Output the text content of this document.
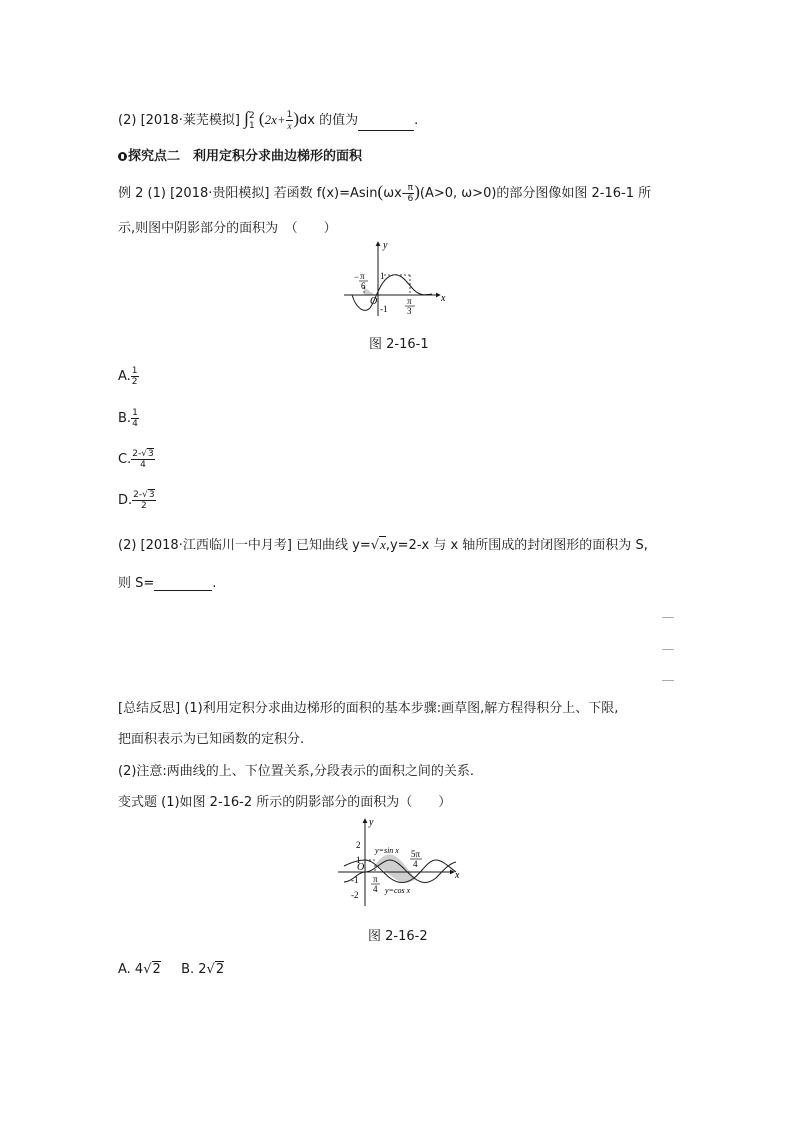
(2) [2018·莱芜模拟] ∫ 2
1 $(2x+ \frac{1}{x} )dx$ 的值为	.
探究点二　利用定积分求曲边梯形的面积
例 2 (1) [2018·贵阳模拟] 若函数 $f(x)=Asin(\omega x- \frac{\pi}{6} )(A>0$, ω>0)的部分图像如图 2-16-1 所
示,则图中阴影部分的面积为　（　　）
y
x
O
1
-1
− π
6
π
3
图 2-16-1
A. $\frac{1}{2}$
B. $\frac{1}{4}$
C. $\frac{2-√3}{4}$
D. $\frac{2-√3}{2}$
(2) [2018·江西临川一中月考] 已知曲线 y=√x,y=2-x 与 x 轴所围成的封闭图形的面积为 S,
则 S=	.
[总结反思] (1)利用定积分求曲边梯形的面积的基本步骤:画草图,解方程得积分上、下限,
把面积表示为已知函数的定积分.
(2)注意:两曲线的上、下位置关系,分段表示的面积之间的关系.
变式题 (1)如图 2-16-2 所示的阴影部分的面积为（　　）
y
x
O
2
1
-1
-2
π
4
5π
4
y=sin x
y=cos x
图 2-16-2
A. 4√2 B. 2√2
